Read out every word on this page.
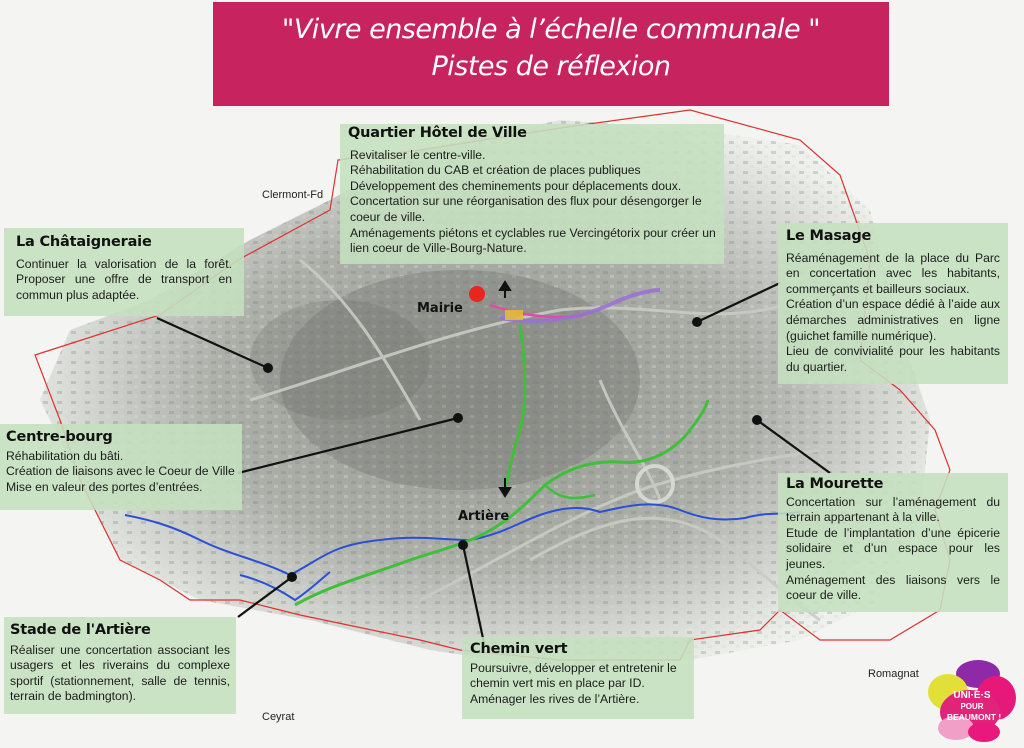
"Vivre ensemble à l’échelle communale "
Pistes de réflexion
Clermont-Fd
Romagnat
Ceyrat
Mairie
Artière
Quartier Hôtel de Ville
Revitaliser le centre-ville.
Réhabilitation du CAB et création de places publiques
Développement des cheminements pour déplacements doux.
Concertation sur une réorganisation des flux pour désengorger le coeur de ville.
Aménagements piétons et cyclables rue Vercingétorix pour créer un lien coeur de Ville-Bourg-Nature.
La Châtaigneraie
Continuer la valorisation de la forêt. Proposer une offre de transport en commun plus adaptée.
Centre-bourg
Réhabilitation du bâti.
Création de liaisons avec le Coeur de Ville
Mise en valeur des portes d’entrées.
Le Masage
Réaménagement de la place du Parc en concertation avec les habitants, commerçants et bailleurs sociaux.
Création d’un espace dédié à l’aide aux démarches administratives en ligne (guichet famille numérique).
Lieu de convivialité pour les habitants du quartier.
La Mourette
Concertation sur l’aménagement du terrain appartenant à la ville.
Etude de l’implantation d’une épicerie solidaire et d’un espace pour les jeunes.
Aménagement des liaisons vers le coeur de ville.
Stade de l'Artière
Réaliser une concertation associant les usagers et les riverains du complexe sportif (stationnement, salle de tennis, terrain de badmington).
Chemin vert
Poursuivre, développer et entretenir le chemin vert mis en place par ID.
Aménager les rives de l’Artière.	UNI·E·S
POUR
BEAUMONT !
